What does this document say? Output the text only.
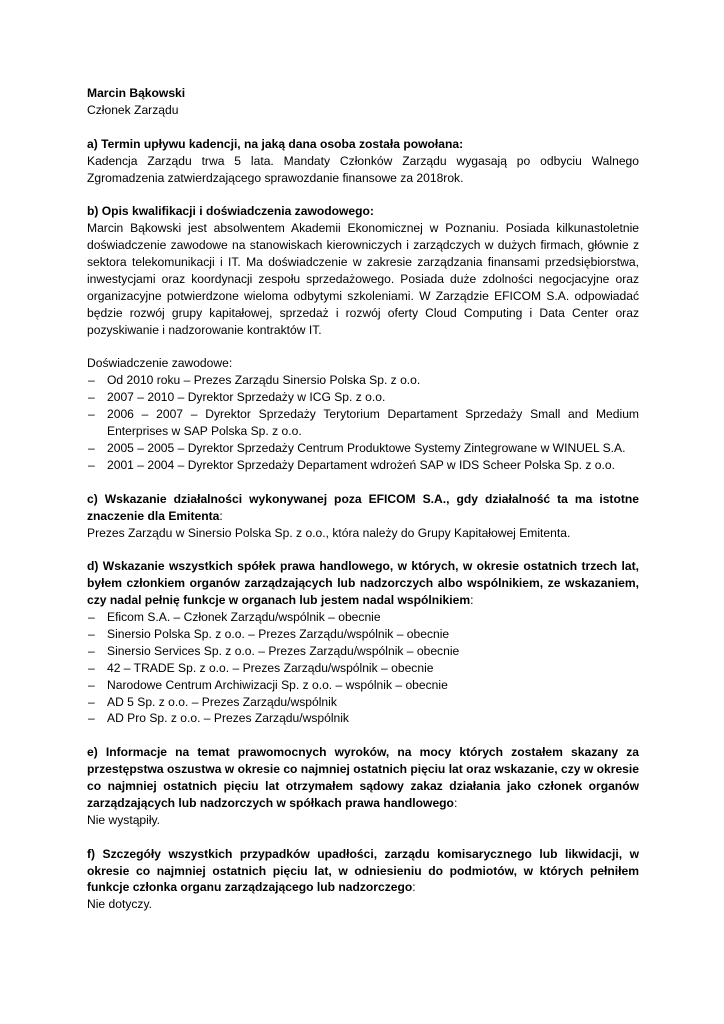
Marcin Bąkowski

Członek Zarządu

a) Termin upływu kadencji, na jaką dana osoba została powołana:

Kadencja Zarządu trwa 5 lata. Mandaty Członków Zarządu wygasają po odbyciu Walnego Zgromadzenia zatwierdzającego sprawozdanie finansowe za 2018rok.

b) Opis kwalifikacji i doświadczenia zawodowego:

Marcin Bąkowski jest absolwentem Akademii Ekonomicznej w Poznaniu. Posiada kilkunastoletnie doświadczenie zawodowe na stanowiskach kierowniczych i zarządczych w dużych firmach, głównie z sektora telekomunikacji i IT. Ma doświadczenie w zakresie zarządzania finansami przedsiębiorstwa, inwestycjami oraz koordynacji zespołu sprzedażowego. Posiada duże zdolności negocjacyjne oraz organizacyjne potwierdzone wieloma odbytymi szkoleniami. W Zarządzie EFICOM S.A. odpowiadać będzie rozwój grupy kapitałowej, sprzedaż i rozwój oferty Cloud Computing i Data Center oraz pozyskiwanie i nadzorowanie kontraktów IT.

Doświadczenie zawodowe:

– Od 2010 roku – Prezes Zarządu Sinersio Polska Sp. z o.o.
– 2007 – 2010 – Dyrektor Sprzedaży w ICG Sp. z o.o.
– 2006 – 2007 – Dyrektor Sprzedaży Terytorium Departament Sprzedaży Small and Medium Enterprises w SAP Polska Sp. z o.o.
– 2005 – 2005 – Dyrektor Sprzedaży Centrum Produktowe Systemy Zintegrowane w WINUEL S.A.
– 2001 – 2004 – Dyrektor Sprzedaży Departament wdrożeń SAP w IDS Scheer Polska Sp. z o.o.

c) Wskazanie działalności wykonywanej poza EFICOM S.A., gdy działalność ta ma istotne znaczenie dla Emitenta:

Prezes Zarządu w Sinersio Polska Sp. z o.o., która należy do Grupy Kapitałowej Emitenta.

d) Wskazanie wszystkich spółek prawa handlowego, w których, w okresie ostatnich trzech lat, byłem członkiem organów zarządzających lub nadzorczych albo wspólnikiem, ze wskazaniem, czy nadal pełnię funkcje w organach lub jestem nadal wspólnikiem:

– Eficom S.A. – Członek Zarządu/wspólnik – obecnie
– Sinersio Polska Sp. z o.o. – Prezes Zarządu/wspólnik – obecnie
– Sinersio Services Sp. z o.o. – Prezes Zarządu/wspólnik – obecnie
– 42 – TRADE Sp. z o.o. – Prezes Zarządu/wspólnik – obecnie
– Narodowe Centrum Archiwizacji Sp. z o.o. – wspólnik – obecnie
– AD 5 Sp. z o.o. – Prezes Zarządu/wspólnik
– AD Pro Sp. z o.o. – Prezes Zarządu/wspólnik

e) Informacje na temat prawomocnych wyroków, na mocy których zostałem skazany za przestępstwa oszustwa w okresie co najmniej ostatnich pięciu lat oraz wskazanie, czy w okresie co najmniej ostatnich pięciu lat otrzymałem sądowy zakaz działania jako członek organów zarządzających lub nadzorczych w spółkach prawa handlowego:

Nie wystąpiły.

f) Szczegóły wszystkich przypadków upadłości, zarządu komisarycznego lub likwidacji, w okresie co najmniej ostatnich pięciu lat, w odniesieniu do podmiotów, w których pełniłem funkcje członka organu zarządzającego lub nadzorczego:

Nie dotyczy.
